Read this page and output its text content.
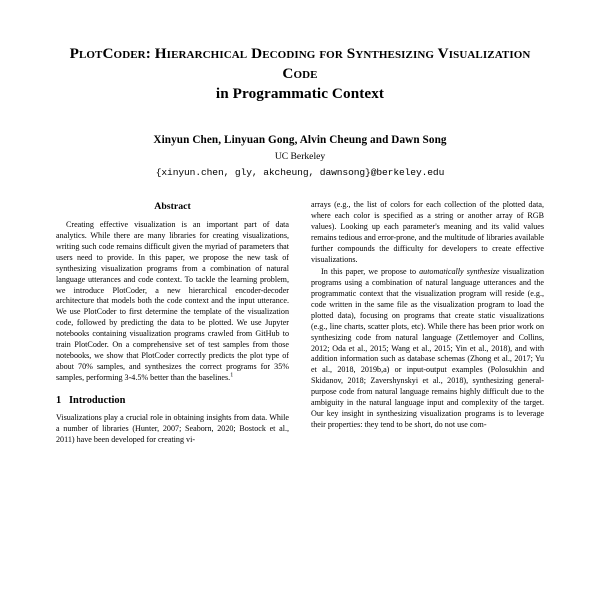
PlotCoder: Hierarchical Decoding for Synthesizing Visualization Code
in Programmatic Context
Xinyun Chen, Linyuan Gong, Alvin Cheung and Dawn Song
UC Berkeley
{xinyun.chen, gly, akcheung, dawnsong}@berkeley.edu
Abstract

Creating effective visualization is an important part of data analytics. While there are many libraries for creating visualizations, writing such code remains difficult given the myriad of parameters that users need to provide. In this paper, we propose the new task of synthesizing visualization programs from a combination of natural language utterances and code context. To tackle the learning problem, we introduce PlotCoder, a new hierarchical encoder-decoder architecture that models both the code context and the input utterance. We use PlotCoder to first determine the template of the visualization code, followed by predicting the data to be plotted. We use Jupyter notebooks containing visualization programs crawled from GitHub to train PlotCoder. On a comprehensive set of test samples from those notebooks, we show that PlotCoder correctly predicts the plot type of about 70% samples, and synthesizes the correct programs for 35% samples, performing 3-4.5% better than the baselines.$^1$

1 Introduction

Visualizations play a crucial role in obtaining insights from data. While a number of libraries (Hunter, 2007; Seaborn, 2020; Bostock et al., 2011) have been developed for creating vi-

arrays (e.g., the list of colors for each collection of the plotted data, where each color is specified as a string or another array of RGB values). Looking up each parameter's meaning and its valid values remains tedious and error-prone, and the multitude of libraries available further compounds the difficulty for developers to create effective visualizations.

In this paper, we propose to automatically synthesize visualization programs using a combination of natural language utterances and the programmatic context that the visualization program will reside (e.g., code written in the same file as the visualization program to load the plotted data), focusing on programs that create static visualizations (e.g., line charts, scatter plots, etc). While there has been prior work on synthesizing code from natural language (Zettlemoyer and Collins, 2012; Oda et al., 2015; Wang et al., 2015; Yin et al., 2018), and with addition information such as database schemas (Zhong et al., 2017; Yu et al., 2018, 2019b,a) or input-output examples (Polosukhin and Skidanov, 2018; Zavershynskyi et al., 2018), synthesizing general-purpose code from natural language remains highly difficult due to the ambiguity in the natural language input and complexity of the target. Our key insight in synthesizing visualization programs is to leverage their properties: they tend to be short, do not use com-
